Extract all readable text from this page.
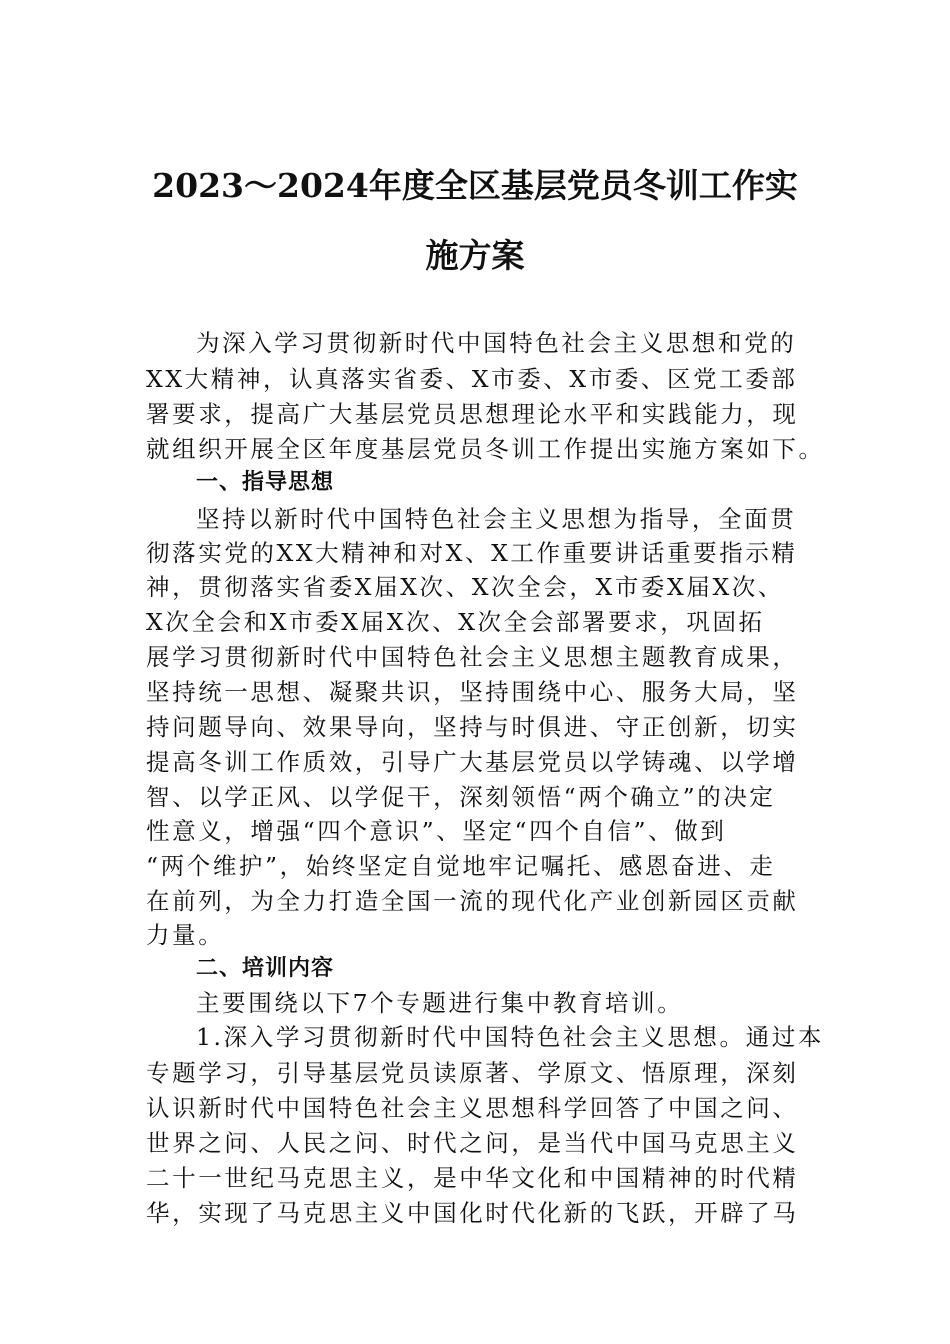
2023～2024年度全区基层党员冬训工作实
施方案
为深入学习贯彻新时代中国特色社会主义思想和党的
XX大精神，认真落实省委、X市委、X市委、区党工委部
署要求，提高广大基层党员思想理论水平和实践能力，现
就组织开展全区年度基层党员冬训工作提出实施方案如下。
一、指导思想
坚持以新时代中国特色社会主义思想为指导，全面贯
彻落实党的XX大精神和对X、X工作重要讲话重要指示精
神，贯彻落实省委X届X次、X次全会，X市委X届X次、
X次全会和X市委X届X次、X次全会部署要求，巩固拓
展学习贯彻新时代中国特色社会主义思想主题教育成果，
坚持统一思想、凝聚共识，坚持围绕中心、服务大局，坚
持问题导向、效果导向，坚持与时俱进、守正创新，切实
提高冬训工作质效，引导广大基层党员以学铸魂、以学增
智、以学正风、以学促干，深刻领悟“两个确立”的决定
性意义，增强“四个意识”、坚定“四个自信”、做到
“两个维护”，始终坚定自觉地牢记嘱托、感恩奋进、走
在前列，为全力打造全国一流的现代化产业创新园区贡献
力量。
二、培训内容
主要围绕以下7个专题进行集中教育培训。
1.深入学习贯彻新时代中国特色社会主义思想。通过本
专题学习，引导基层党员读原著、学原文、悟原理，深刻
认识新时代中国特色社会主义思想科学回答了中国之问、
世界之问、人民之问、时代之问，是当代中国马克思主义
二十一世纪马克思主义，是中华文化和中国精神的时代精
华，实现了马克思主义中国化时代化新的飞跃，开辟了马
